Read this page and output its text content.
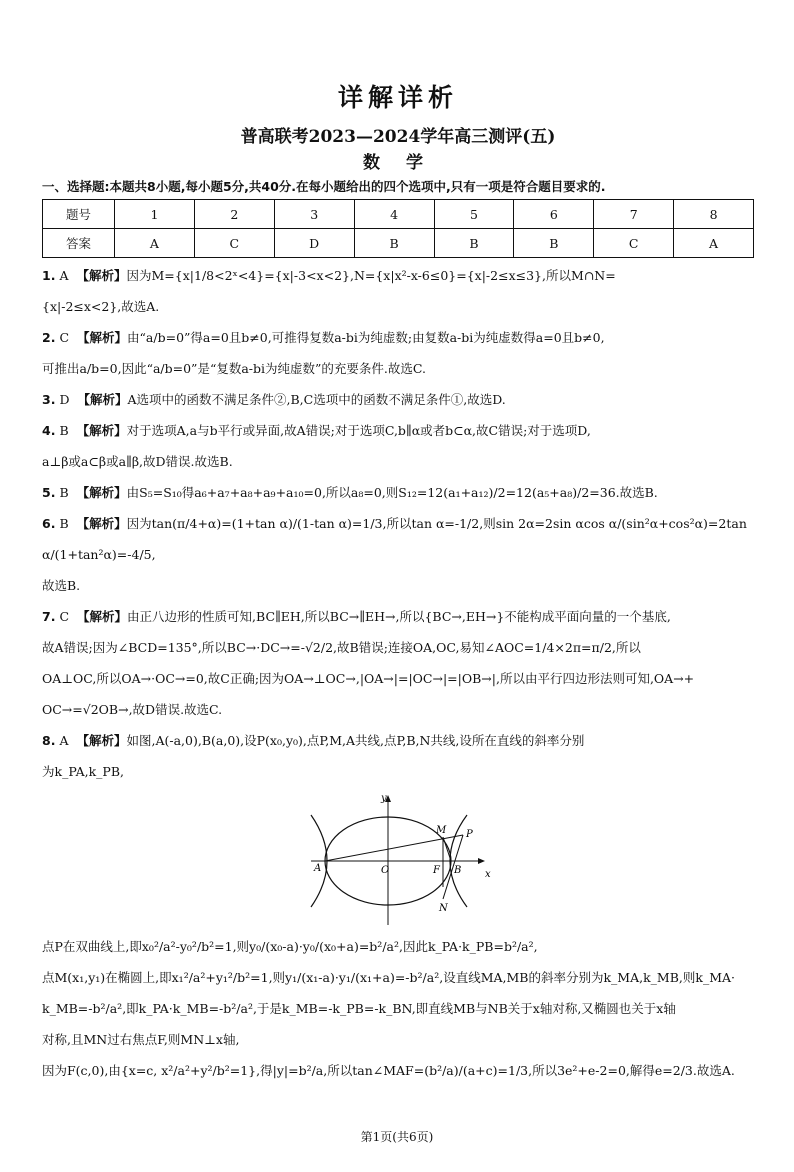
详解详析
普高联考2023—2024学年高三测评(五)
数 学
一、选择题:本题共8小题,每小题5分,共40分.在每小题给出的四个选项中,只有一项是符合题目要求的.
题号	1	2	3	4	5	6	7	8
答案	A	C	D	B	B	B	C	A

1. A 【解析】因为M={x|1/8<2ˣ<4}={x|-3<x<2},N={x|x²-x-6≤0}={x|-2≤x≤3},所以M∩N=

{x|-2≤x<2},故选A.

2. C 【解析】由“a/b=0”得a=0且b≠0,可推得复数a-bi为纯虚数;由复数a-bi为纯虚数得a=0且b≠0,

可推出a/b=0,因此“a/b=0”是“复数a-bi为纯虚数”的充要条件.故选C.

3. D 【解析】A选项中的函数不满足条件②,B,C选项中的函数不满足条件①,故选D.

4. B 【解析】对于选项A,a与b平行或异面,故A错误;对于选项C,b∥α或者b⊂α,故C错误;对于选项D,

a⊥β或a⊂β或a∥β,故D错误.故选B.

5. B 【解析】由S₅=S₁₀得a₆+a₇+a₈+a₉+a₁₀=0,所以a₈=0,则S₁₂=12(a₁+a₁₂)/2=12(a₅+a₈)/2=36.故选B.

6. B 【解析】因为tan(π/4+α)=(1+tan α)/(1-tan α)=1/3,所以tan α=-1/2,则sin 2α=2sin αcos α/(sin²α+cos²α)=2tan α/(1+tan²α)=-4/5,

故选B.

7. C 【解析】由正八边形的性质可知,BC∥EH,所以BC→∥EH→,所以{BC→,EH→}不能构成平面向量的一个基底,

故A错误;因为∠BCD=135°,所以BC→·DC→=-√2/2,故B错误;连接OA,OC,易知∠AOC=1/4×2π=π/2,所以

OA⊥OC,所以OA→·OC→=0,故C正确;因为OA→⊥OC→,|OA→|=|OC→|=|OB→|,所以由平行四边形法则可知,OA→+

OC→=√2OB→,故D错误.故选C.

8. A 【解析】如图,A(-a,0),B(a,0),设P(x₀,y₀),点P,M,A共线,点P,B,N共线,设所在直线的斜率分别

为k_PA,k_PB,

y
x
A	O	F B
M P
N

点P在双曲线上,即x₀²/a²-y₀²/b²=1,则y₀/(x₀-a)·y₀/(x₀+a)=b²/a²,因此k_PA·k_PB=b²/a²,

点M(x₁,y₁)在椭圆上,即x₁²/a²+y₁²/b²=1,则y₁/(x₁-a)·y₁/(x₁+a)=-b²/a²,设直线MA,MB的斜率分别为k_MA,k_MB,则k_MA·

k_MB=-b²/a²,即k_PA·k_MB=-b²/a²,于是k_MB=-k_PB=-k_BN,即直线MB与NB关于x轴对称,又椭圆也关于x轴

对称,且MN过右焦点F,则MN⊥x轴,

因为F(c,0),由{x=c, x²/a²+y²/b²=1},得|y|=b²/a,所以tan∠MAF=(b²/a)/(a+c)=1/3,所以3e²+e-2=0,解得e=2/3.故选A.

第1页(共6页)
